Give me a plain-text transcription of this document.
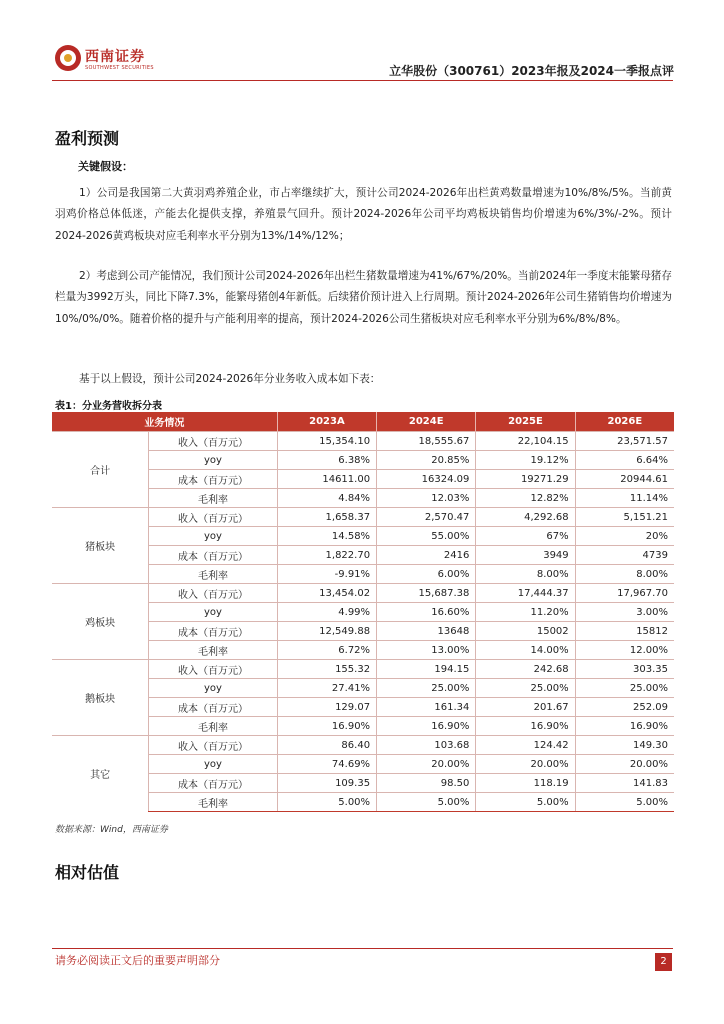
西南证券
SOUTHWEST SECURITIES	立华股份（300761）2023年报及2024一季报点评
盈利预测
关键假设：
1）公司是我国第二大黄羽鸡养殖企业，市占率继续扩大，预计公司2024-2026年出栏黄鸡数量增速为10%/8%/5%。当前黄羽鸡价格总体低迷，产能去化提供支撑，养殖景气回升。预计2024-2026年公司平均鸡板块销售均价增速为6%/3%/-2%。预计2024-2026黄鸡板块对应毛利率水平分别为13%/14%/12%；
2）考虑到公司产能情况，我们预计公司2024-2026年出栏生猪数量增速为41%/67%/20%。当前2024年一季度末能繁母猪存栏量为3992万头，同比下降7.3%，能繁母猪创4年新低。后续猪价预计进入上行周期。预计2024-2026年公司生猪销售均价增速为10%/0%/0%。随着价格的提升与产能利用率的提高，预计2024-2026公司生猪板块对应毛利率水平分别为6%/8%/8%。
基于以上假设，预计公司2024-2026年分业务收入成本如下表：
表1：分业务营收拆分表
业务情况		2023A	2024E	2025E	2026E
合计	收入（百万元）	15,354.10	18,555.67	22,104.15	23,571.57
	yoy	6.38%	20.85%	19.12%	6.64%
	成本（百万元）	14611.00	16324.09	19271.29	20944.61
	毛利率	4.84%	12.03%	12.82%	11.14%
猪板块	收入（百万元）	1,658.37	2,570.47	4,292.68	5,151.21
	yoy	14.58%	55.00%	67%	20%
	成本（百万元）	1,822.70	2416	3949	4739
	毛利率	-9.91%	6.00%	8.00%	8.00%
鸡板块	收入（百万元）	13,454.02	15,687.38	17,444.37	17,967.70
	yoy	4.99%	16.60%	11.20%	3.00%
	成本（百万元）	12,549.88	13648	15002	15812
	毛利率	6.72%	13.00%	14.00%	12.00%
鹅板块	收入（百万元）	155.32	194.15	242.68	303.35
	yoy	27.41%	25.00%	25.00%	25.00%
	成本（百万元）	129.07	161.34	201.67	252.09
	毛利率	16.90%	16.90%	16.90%	16.90%
其它	收入（百万元）	86.40	103.68	124.42	149.30
	yoy	74.69%	20.00%	20.00%	20.00%
	成本（百万元）	109.35	98.50	118.19	141.83
	毛利率	5.00%	5.00%	5.00%	5.00%
数据来源：Wind，西南证券
相对估值
请务必阅读正文后的重要声明部分	2
